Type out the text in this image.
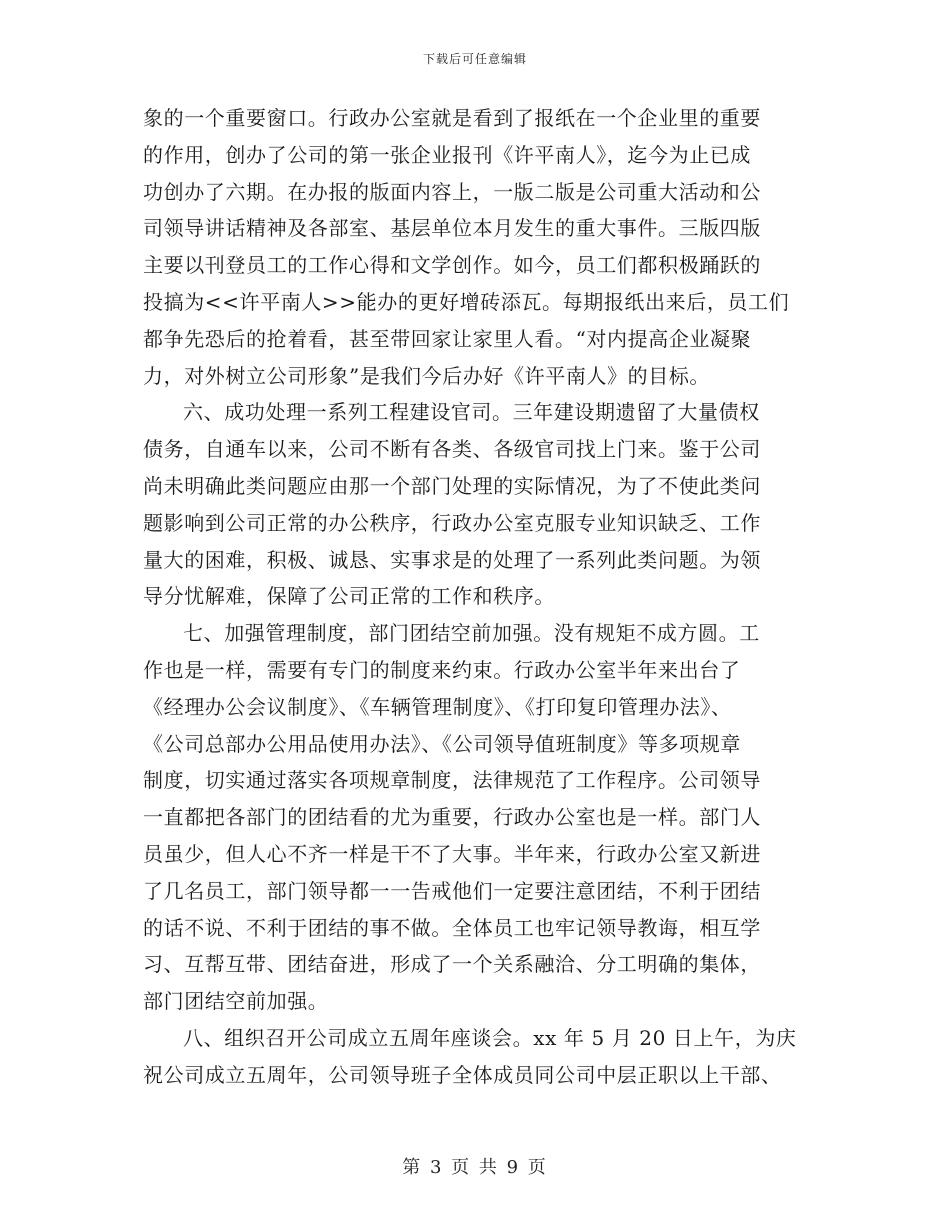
下载后可任意编辑
象的一个重要窗口。行政办公室就是看到了报纸在一个企业里的重要
的作用，创办了公司的第一张企业报刊《许平南人》，迄今为止已成
功创办了六期。在办报的版面内容上，一版二版是公司重大活动和公
司领导讲话精神及各部室、基层单位本月发生的重大事件。三版四版
主要以刊登员工的工作心得和文学创作。如今，员工们都积极踊跃的
投搞为<<许平南人>>能办的更好增砖添瓦。每期报纸出来后，员工们
都争先恐后的抢着看，甚至带回家让家里人看。“对内提高企业凝聚
力，对外树立公司形象”是我们今后办好《许平南人》的目标。
六、成功处理一系列工程建设官司。三年建设期遗留了大量债权
债务，自通车以来，公司不断有各类、各级官司找上门来。鉴于公司
尚未明确此类问题应由那一个部门处理的实际情况，为了不使此类问
题影响到公司正常的办公秩序，行政办公室克服专业知识缺乏、工作
量大的困难，积极、诚恳、实事求是的处理了一系列此类问题。为领
导分忧解难，保障了公司正常的工作和秩序。
七、加强管理制度，部门团结空前加强。没有规矩不成方圆。工
作也是一样，需要有专门的制度来约束。行政办公室半年来出台了
《经理办公会议制度》、《车辆管理制度》、《打印复印管理办法》、
《公司总部办公用品使用办法》、《公司领导值班制度》等多项规章
制度，切实通过落实各项规章制度，法律规范了工作程序。公司领导
一直都把各部门的团结看的尤为重要，行政办公室也是一样。部门人
员虽少，但人心不齐一样是干不了大事。半年来，行政办公室又新进
了几名员工，部门领导都一一告戒他们一定要注意团结，不利于团结
的话不说、不利于团结的事不做。全体员工也牢记领导教诲，相互学
习、互帮互带、团结奋进，形成了一个关系融洽、分工明确的集体，
部门团结空前加强。
八、组织召开公司成立五周年座谈会。xx 年 5 月 20 日上午，为庆
祝公司成立五周年，公司领导班子全体成员同公司中层正职以上干部、
第 3 页 共 9 页
